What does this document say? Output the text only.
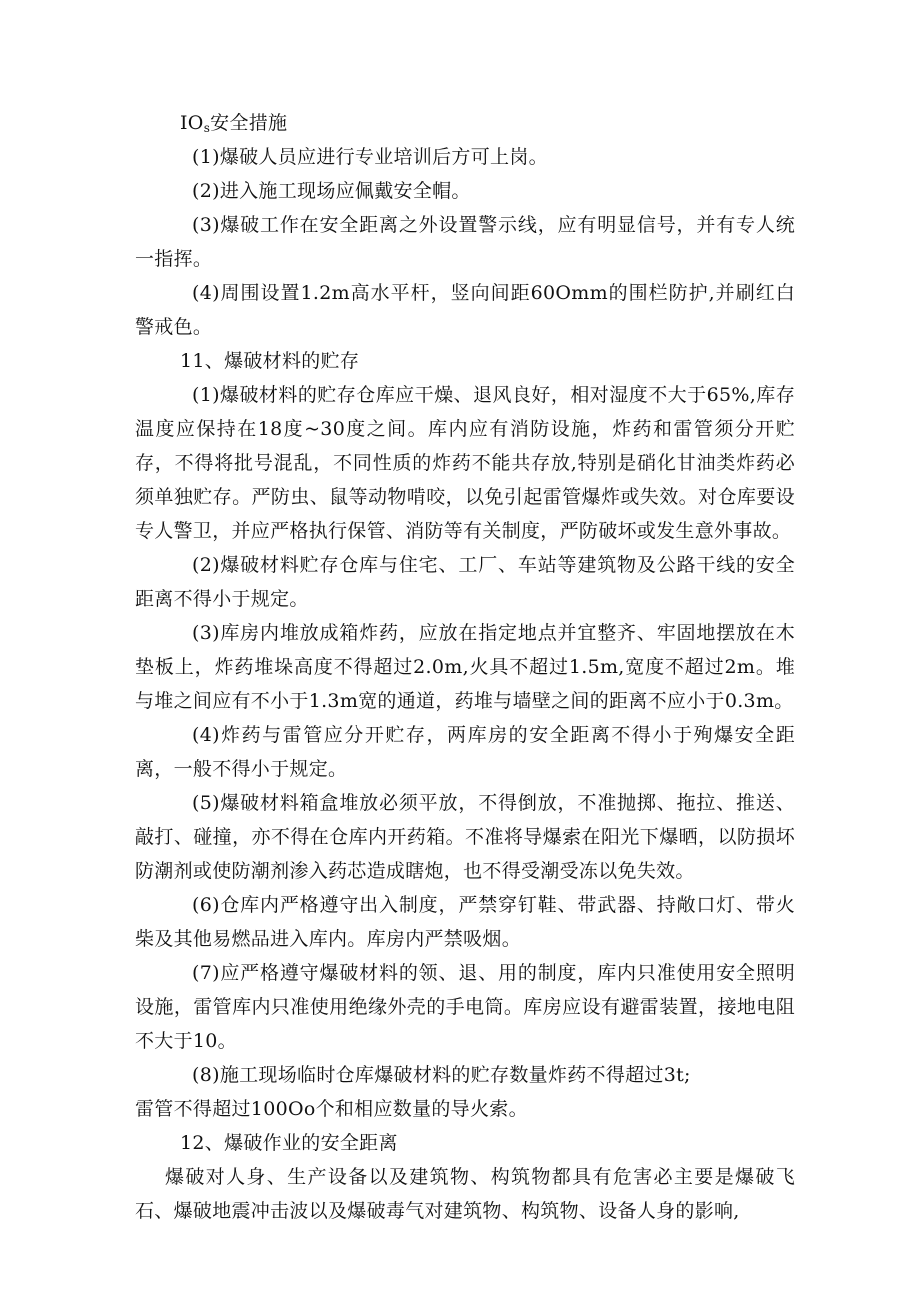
$IO_s$安全措施

(1)爆破人员应进行专业培训后方可上岗。

(2)进入施工现场应佩戴安全帽。

(3)爆破工作在安全距离之外设置警示线，应有明显信号，并有专人统一指挥。

(4)周围设置1.2m高水平杆，竖向间距60Omm的围栏防护,并刷红白警戒色。

11、爆破材料的贮存

(1)爆破材料的贮存仓库应干燥、退风良好，相对湿度不大于65%,库存温度应保持在18度~30度之间。库内应有消防设施，炸药和雷管须分开贮存，不得将批号混乱，不同性质的炸药不能共存放,特别是硝化甘油类炸药必须单独贮存。严防虫、鼠等动物啃咬，以免引起雷管爆炸或失效。对仓库要设专人警卫，并应严格执行保管、消防等有关制度，严防破坏或发生意外事故。

(2)爆破材料贮存仓库与住宅、工厂、车站等建筑物及公路干线的安全距离不得小于规定。

(3)库房内堆放成箱炸药，应放在指定地点并宜整齐、牢固地摆放在木垫板上，炸药堆垛高度不得超过2.0m,火具不超过1.5m,宽度不超过2m。堆与堆之间应有不小于1.3m宽的通道，药堆与墙壁之间的距离不应小于0.3m。

(4)炸药与雷管应分开贮存，两库房的安全距离不得小于殉爆安全距离，一般不得小于规定。

(5)爆破材料箱盒堆放必须平放，不得倒放，不准抛掷、拖拉、推送、敲打、碰撞，亦不得在仓库内开药箱。不准将导爆索在阳光下爆晒，以防损坏防潮剂或使防潮剂渗入药芯造成瞎炮，也不得受潮受冻以免失效。

(6)仓库内严格遵守出入制度，严禁穿钉鞋、带武器、持敞口灯、带火柴及其他易燃品进入库内。库房内严禁吸烟。

(7)应严格遵守爆破材料的领、退、用的制度，库内只准使用安全照明设施，雷管库内只准使用绝缘外壳的手电筒。库房应设有避雷装置，接地电阻不大于10。

(8)施工现场临时仓库爆破材料的贮存数量炸药不得超过3t;

雷管不得超过100Oo个和相应数量的导火索。

12、爆破作业的安全距离

爆破对人身、生产设备以及建筑物、构筑物都具有危害必主要是爆破飞石、爆破地震冲击波以及爆破毒气对建筑物、构筑物、设备人身的影响,
